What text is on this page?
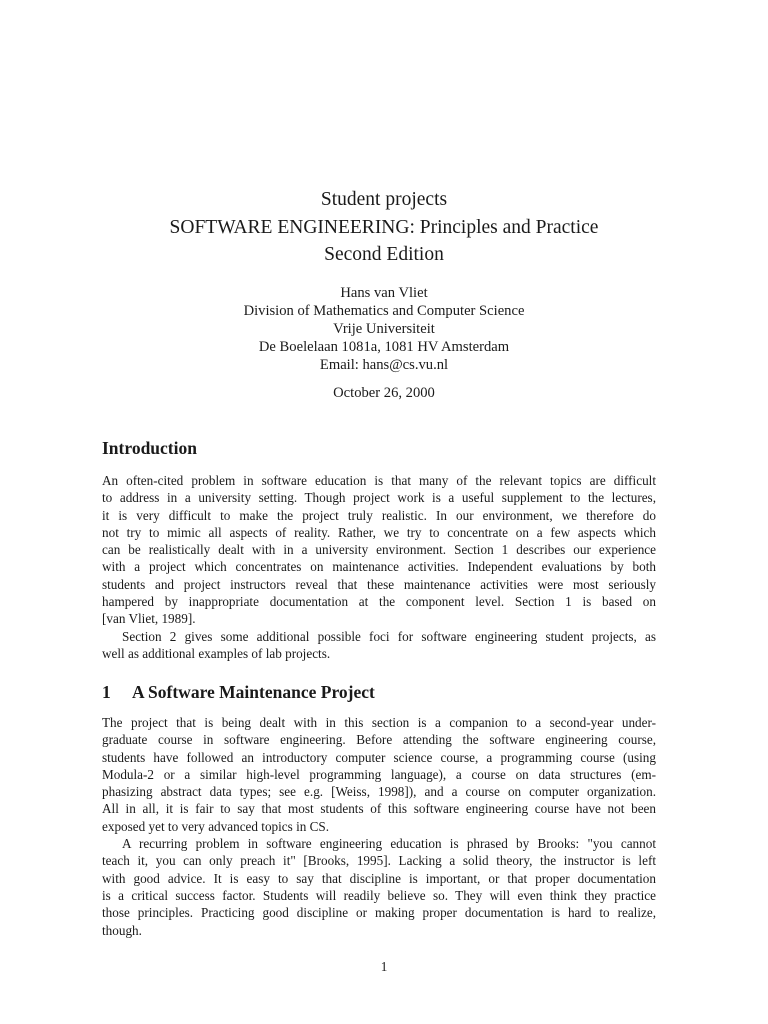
Student projects
SOFTWARE ENGINEERING: Principles and Practice
Second Edition
Hans van Vliet
Division of Mathematics and Computer Science
Vrije Universiteit
De Boelelaan 1081a, 1081 HV Amsterdam
Email: hans@cs.vu.nl
October 26, 2000
Introduction
An often-cited problem in software education is that many of the relevant topics are difficult
to address in a university setting. Though project work is a useful supplement to the lectures,
it is very difficult to make the project truly realistic. In our environment, we therefore do
not try to mimic all aspects of reality. Rather, we try to concentrate on a few aspects which
can be realistically dealt with in a university environment. Section 1 describes our experience
with a project which concentrates on maintenance activities. Independent evaluations by both
students and project instructors reveal that these maintenance activities were most seriously
hampered by inappropriate documentation at the component level. Section 1 is based on
[van Vliet, 1989].
Section 2 gives some additional possible foci for software engineering student projects, as
well as additional examples of lab projects.
1 A Software Maintenance Project
The project that is being dealt with in this section is a companion to a second-year under-
graduate course in software engineering. Before attending the software engineering course,
students have followed an introductory computer science course, a programming course (using
Modula-2 or a similar high-level programming language), a course on data structures (em-
phasizing abstract data types; see e.g. [Weiss, 1998]), and a course on computer organization.
All in all, it is fair to say that most students of this software engineering course have not been
exposed yet to very advanced topics in CS.
A recurring problem in software engineering education is phrased by Brooks: "you cannot
teach it, you can only preach it" [Brooks, 1995]. Lacking a solid theory, the instructor is left
with good advice. It is easy to say that discipline is important, or that proper documentation
is a critical success factor. Students will readily believe so. They will even think they practice
those principles. Practicing good discipline or making proper documentation is hard to realize,
though.
1
